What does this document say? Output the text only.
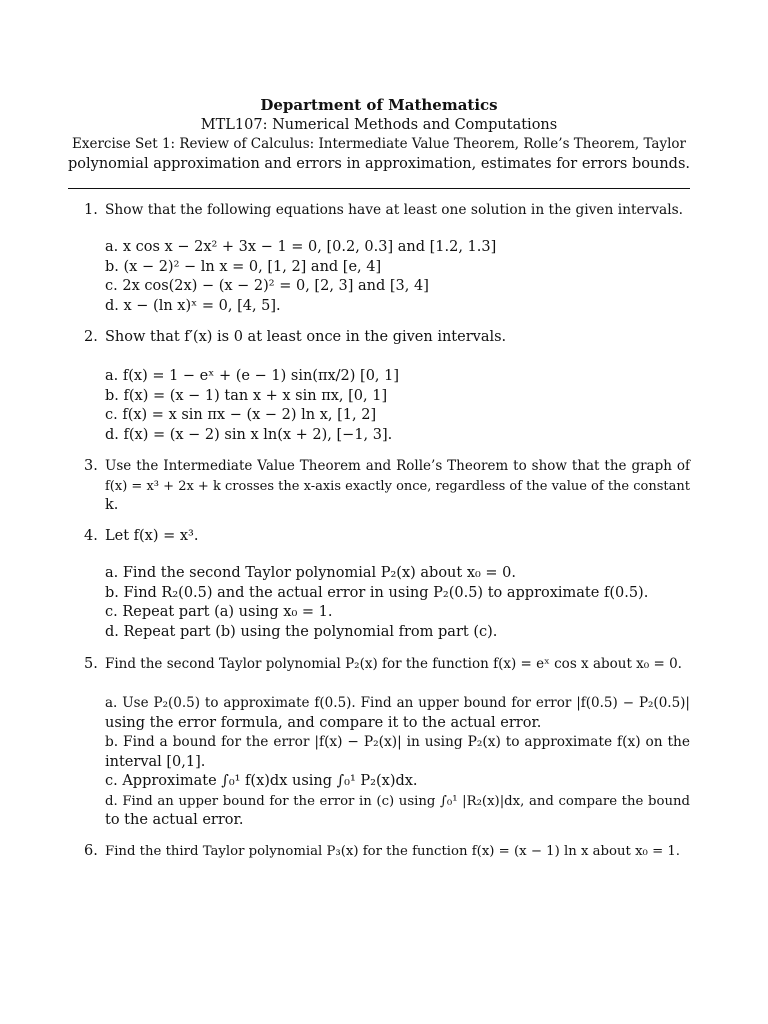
Department of Mathematics
MTL107: Numerical Methods and Computations
Exercise Set 1: Review of Calculus: Intermediate Value Theorem, Rolle’s Theorem, Taylor
polynomial approximation and errors in approximation, estimates for errors bounds.
1. Show that the following equations have at least one solution in the given intervals.
a. x cos x − 2x² + 3x − 1 = 0, [0.2, 0.3] and [1.2, 1.3]
b. (x − 2)² − ln x = 0, [1, 2] and [e, 4]
c. 2x cos(2x) − (x − 2)² = 0, [2, 3] and [3, 4]
d. x − (ln x)ˣ = 0, [4, 5].
2. Show that f′(x) is 0 at least once in the given intervals.
a. f(x) = 1 − eˣ + (e − 1) sin(πx/2) [0, 1]
b. f(x) = (x − 1) tan x + x sin πx, [0, 1]
c. f(x) = x sin πx − (x − 2) ln x, [1, 2]
d. f(x) = (x − 2) sin x ln(x + 2), [−1, 3].
3. Use the Intermediate Value Theorem and Rolle’s Theorem to show that the graph of
f(x) = x³ + 2x + k crosses the x-axis exactly once, regardless of the value of the constant
k.
4. Let f(x) = x³.
a. Find the second Taylor polynomial P₂(x) about x₀ = 0.
b. Find R₂(0.5) and the actual error in using P₂(0.5) to approximate f(0.5).
c. Repeat part (a) using x₀ = 1.
d. Repeat part (b) using the polynomial from part (c).
5. Find the second Taylor polynomial P₂(x) for the function f(x) = eˣ cos x about x₀ = 0.
a. Use P₂(0.5) to approximate f(0.5). Find an upper bound for error |f(0.5) − P₂(0.5)|
using the error formula, and compare it to the actual error.
b. Find a bound for the error |f(x) − P₂(x)| in using P₂(x) to approximate f(x) on the
interval [0,1].
c. Approximate ∫₀¹ f(x)dx using ∫₀¹ P₂(x)dx.
d. Find an upper bound for the error in (c) using ∫₀¹ |R₂(x)|dx, and compare the bound
to the actual error.
6. Find the third Taylor polynomial P₃(x) for the function f(x) = (x − 1) ln x about x₀ = 1.
